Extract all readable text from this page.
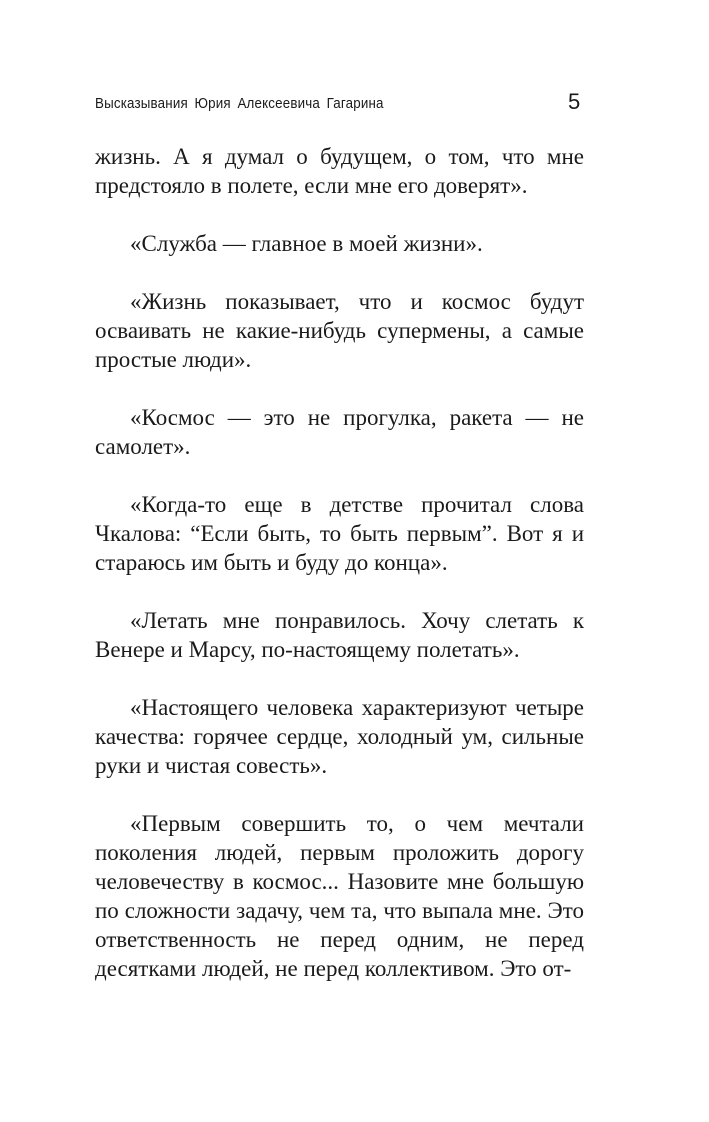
Высказывания Юрия Алексеевича Гагарина	5

жизнь. А я думал о будущем, о том, что мне предстояло в полете, если мне его доверят».

«Служба — главное в моей жизни».

«Жизнь показывает, что и космос будут осваивать не какие-нибудь супермены, а самые простые люди».

«Космос — это не прогулка, ракета — не самолет».

«Когда-то еще в детстве прочитал слова Чкалова: “Если быть, то быть первым”. Вот я и стараюсь им быть и буду до конца».

«Летать мне понравилось. Хочу слетать к Венере и Марсу, по-настоящему полетать».

«Настоящего человека характеризуют четыре качества: горячее сердце, холодный ум, сильные руки и чистая совесть».

«Первым совершить то, о чем мечтали поколения людей, первым проложить дорогу человечеству в космос... Назовите мне большую по сложности задачу, чем та, что выпала мне. Это ответственность не перед одним, не перед десятками людей, не перед коллективом. Это от-
